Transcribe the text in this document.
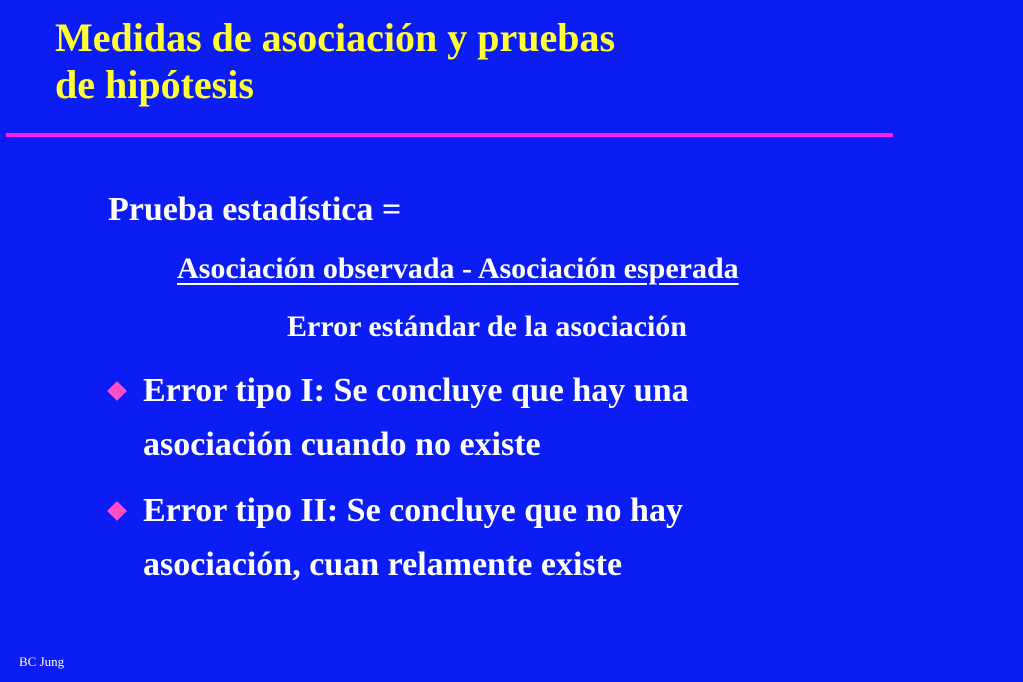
Medidas de asociación y pruebas
de hipótesis
Prueba estadística =
Asociación observada - Asociación esperada
Error estándar de la asociación
Error tipo I: Se concluye que hay una
asociación cuando no existe
Error tipo II: Se concluye que no hay
asociación, cuan relamente existe
BC Jung
